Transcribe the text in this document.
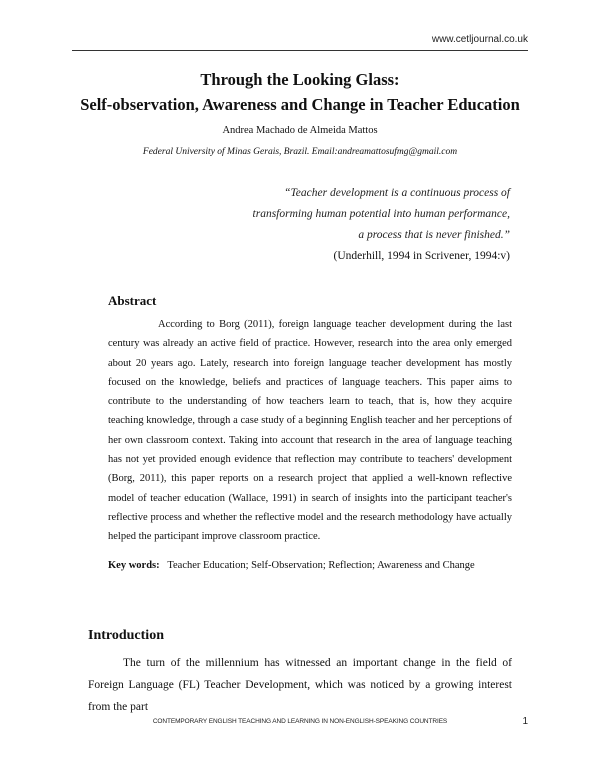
www.cetljournal.co.uk
Through the Looking Glass:
Self-observation, Awareness and Change in Teacher Education
Andrea Machado de Almeida Mattos
Federal University of Minas Gerais, Brazil. Email:andreamattosufmg@gmail.com
“Teacher development is a continuous process of
transforming human potential into human performance,
a process that is never finished.”
(Underhill, 1994 in Scrivener, 1994:v)
Abstract
According to Borg (2011), foreign language teacher development during the last century was already an active field of practice. However, research into the area only emerged about 20 years ago. Lately, research into foreign language teacher development has mostly focused on the knowledge, beliefs and practices of language teachers. This paper aims to contribute to the understanding of how teachers learn to teach, that is, how they acquire teaching knowledge, through a case study of a beginning English teacher and her perceptions of her own classroom context. Taking into account that research in the area of language teaching has not yet provided enough evidence that reflection may contribute to teachers' development (Borg, 2011), this paper reports on a research project that applied a well-known reflective model of teacher education (Wallace, 1991) in search of insights into the participant teacher's reflective process and whether the reflective model and the research methodology have actually helped the participant improve classroom practice.
Key words: Teacher Education; Self-Observation; Reflection; Awareness and Change
Introduction
The turn of the millennium has witnessed an important change in the field of Foreign Language (FL) Teacher Development, which was noticed by a growing interest from the part
CONTEMPORARY ENGLISH TEACHING AND LEARNING IN NON-ENGLISH-SPEAKING COUNTRIES	1
